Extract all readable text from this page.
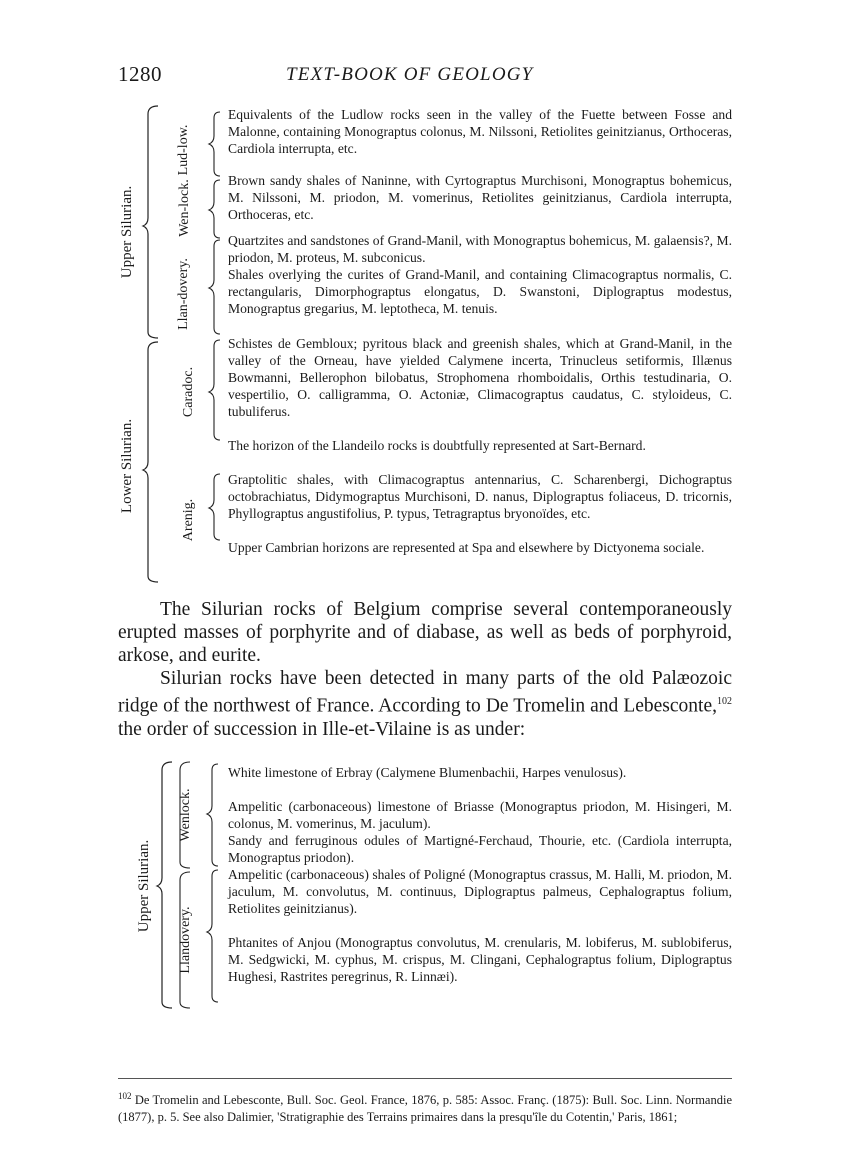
1280	TEXT-BOOK OF GEOLOGY
Upper Silurian.
Lower Silurian.
Lud-low.
Wen-lock.
Llan-dovery.
Caradoc.
Arenig.

Equivalents of the Ludlow rocks seen in the valley of the Fuette between Fosse and Malonne, containing Monograptus colonus, M. Nilssoni, Retiolites geinitzianus, Orthoceras, Cardiola interrupta, etc.

Brown sandy shales of Naninne, with Cyrtograptus Murchisoni, Monograptus bohemicus, M. Nilssoni, M. priodon, M. vomerinus, Retiolites geinitzianus, Cardiola interrupta, Orthoceras, etc.

Quartzites and sandstones of Grand-Manil, with Monograptus bohemicus, M. galaensis?, M. priodon, M. proteus, M. subconicus.

Shales overlying the curites of Grand-Manil, and containing Climacograptus normalis, C. rectangularis, Dimorphograptus elongatus, D. Swanstoni, Diplograptus modestus, Monograptus gregarius, M. leptotheca, M. tenuis.

Schistes de Gembloux; pyritous black and greenish shales, which at Grand-Manil, in the valley of the Orneau, have yielded Calymene incerta, Trinucleus setiformis, Illænus Bowmanni, Bellerophon bilobatus, Strophomena rhomboidalis, Orthis testudinaria, O. vespertilio, O. calligramma, O. Actoniæ, Climacograptus caudatus, C. styloideus, C. tubuliferus.

The horizon of the Llandeilo rocks is doubtfully represented at Sart-Bernard.

Graptolitic shales, with Climacograptus antennarius, C. Scharenbergi, Dichograptus octobrachiatus, Didymograptus Murchisoni, D. nanus, Diplograptus foliaceus, D. tricornis, Phyllograptus angustifolius, P. typus, Tetragraptus bryonoïdes, etc.

Upper Cambrian horizons are represented at Spa and elsewhere by Dictyonema sociale.

The Silurian rocks of Belgium comprise several contemporaneously erupted masses of porphyrite and of diabase, as well as beds of porphyroid, arkose, and eurite.

Silurian rocks have been detected in many parts of the old Palæozoic ridge of the northwest of France. According to De Tromelin and Lebesconte,$^{102}$ the order of succession in Ille-et-Vilaine is as under:

Upper Silurian.
Wenlock.
Llandovery.

White limestone of Erbray (Calymene Blumenbachii, Harpes venulosus).

Ampelitic (carbonaceous) limestone of Briasse (Monograptus priodon, M. Hisingeri, M. colonus, M. vomerinus, M. jaculum).

Sandy and ferruginous odules of Martigné-Ferchaud, Thourie, etc. (Cardiola interrupta, Monograptus priodon).

Ampelitic (carbonaceous) shales of Poligné (Monograptus crassus, M. Halli, M. priodon, M. jaculum, M. convolutus, M. continuus, Diplograptus palmeus, Cephalograptus folium, Retiolites geinitzianus).

Phtanites of Anjou (Monograptus convolutus, M. crenularis, M. lobiferus, M. sublobiferus, M. Sedgwicki, M. cyphus, M. crispus, M. Clingani, Cephalograptus folium, Diplograptus Hughesi, Rastrites peregrinus, R. Linnæi).

$^{102}$ De Tromelin and Lebesconte, Bull. Soc. Geol. France, 1876, p. 585: Assoc. Franç. (1875): Bull. Soc. Linn. Normandie (1877), p. 5. See also Dalimier, 'Stratigraphie des Terrains primaires dans la presqu'île du Cotentin,' Paris, 1861;
